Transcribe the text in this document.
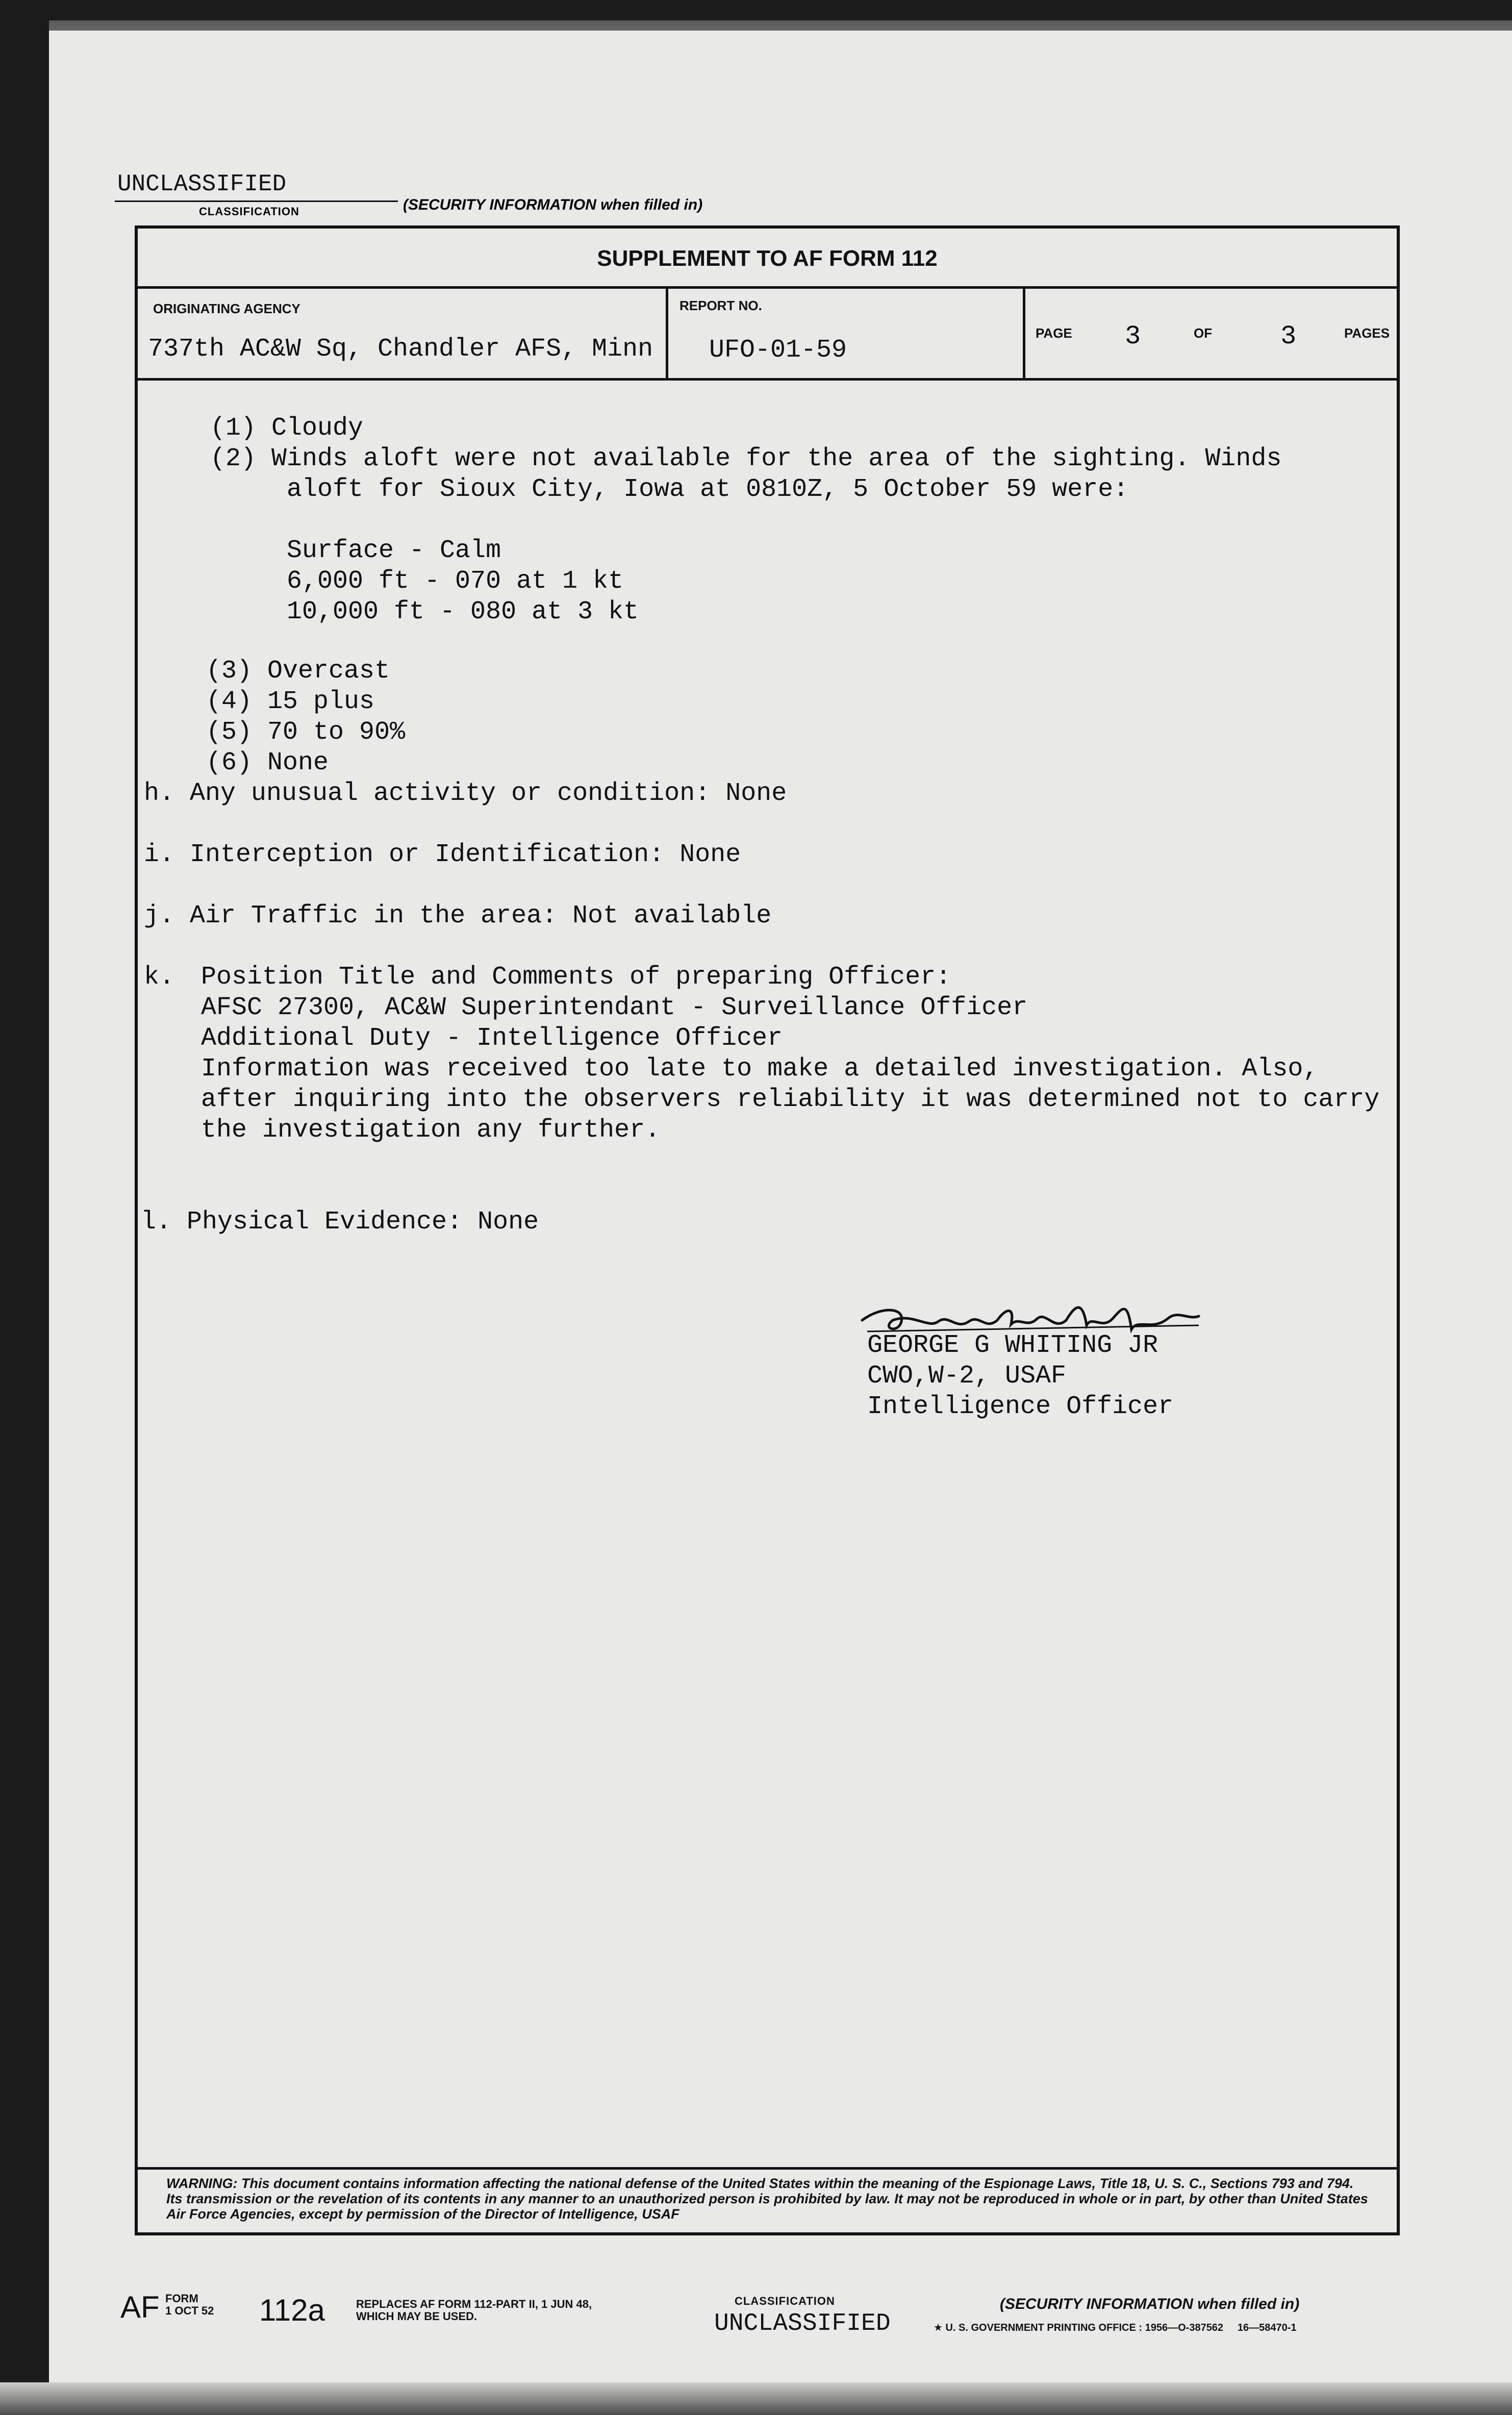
UNCLASSIFIED
CLASSIFICATION	(SECURITY INFORMATION when filled in)
SUPPLEMENT TO AF FORM 112
ORIGINATING AGENCY
737th AC&W Sq, Chandler AFS, Minn
REPORT NO.
UFO-01-59
PAGE 3	OF	3	PAGES
(1) Cloudy
(2) Winds aloft were not available for the area of the sighting. Winds
aloft for Sioux City, Iowa at 0810Z, 5 October 59 were:
Surface - Calm
6,000 ft - 070 at 1 kt
10,000 ft - 080 at 3 kt
(3) Overcast
(4) 15 plus
(5) 70 to 90%
(6) None
h. Any unusual activity or condition: None
i. Interception or Identification: None
j. Air Traffic in the area: Not available
k. Position Title and Comments of preparing Officer:
AFSC 27300, AC&W Superintendant - Surveillance Officer
Additional Duty - Intelligence Officer
Information was received too late to make a detailed investigation. Also,
after inquiring into the observers reliability it was determined not to carry
the investigation any further.
l. Physical Evidence: None
GEORGE G WHITING JR
CWO,W-2, USAF
Intelligence Officer
WARNING: This document contains information affecting the national defense of the United States within the meaning of the Espionage Laws, Title 18, U. S. C., Sections 793 and 794. Its transmission or the revelation of its contents in any manner to an unauthorized person is prohibited by law. It may not be reproduced in whole or in part, by other than United States Air Force Agencies, except by permission of the Director of Intelligence, USAF
AF FORM
1 OCT 52 112a	REPLACES AF FORM 112-PART II, 1 JUN 48,
WHICH MAY BE USED.
CLASSIFICATION
UNCLASSIFIED
(SECURITY INFORMATION when filled in)
★ U. S. GOVERNMENT PRINTING OFFICE : 1956—O-387562     16—58470-1
